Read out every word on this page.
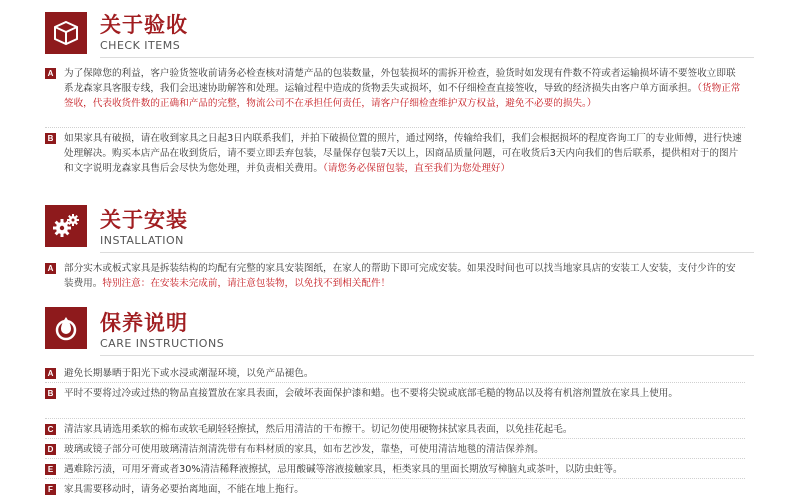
关于验收
CHECK ITEMS
A 为了保障您的利益，客户验货签收前请务必检查核对清楚产品的包装数量，外包装损坏的需拆开检查，验货时如发现有件数不符或者运输损坏请不要签收立即联系龙森家具客服专线，我们会迅速协助解答和处理。运输过程中造成的货物丢失或损坏，如不仔细检查直接签收，导致的经济损失由客户单方面承担。（货物正常签收，代表收货件数的正确和产品的完整，物流公司不在承担任何责任，请客户仔细检查维护双方权益，避免不必要的损失。）
B 如果家具有破损，请在收到家具之日起3日内联系我们，并拍下破损位置的照片，通过网络，传输给我们，我们会根据损坏的程度咨询工厂的专业师傅，进行快速处理解决。购买本店产品在收到货后，请不要立即丢弃包装，尽量保存包装7天以上，因商品质量问题，可在收货后3天内向我们的售后联系，提供相对于的图片和文字说明龙森家具售后会尽快为您处理，并负责相关费用。（请您务必保留包装，直至我们为您处理好）
关于安装
INSTALLATION
A 部分实木或板式家具是拆装结构的均配有完整的家具安装图纸，在家人的帮助下即可完成安装。如果没时间也可以找当地家具店的安装工人安装，支付少许的安装费用。特别注意：在安装未完成前，请注意包装物，以免找不到相关配件！
保养说明
CARE INSTRUCTIONS
A 避免长期暴晒于阳光下或水浸或潮湿环境，以免产品褪色。
B 平时不要将过冷或过热的物品直接置放在家具表面，会破坏表面保护漆和蜡。也不要将尖锐或底部毛糙的物品以及将有机溶剂置放在家具上使用。
C 清洁家具请选用柔软的棉布或软毛刷轻轻擦拭，然后用清洁的干布擦干。切记勿使用硬物抹拭家具表面，以免挂花起毛。
D 玻璃或镜子部分可使用玻璃清洁剂清洗带有布料材质的家具，如布艺沙发，靠垫，可使用清洁地毯的清洁保养剂。
E 遇难除污渍，可用牙膏或者30%清洁稀释液擦拭，忌用酸碱等溶液接触家具，柜类家具的里面长期放写樟脑丸或茶叶，以防虫蛀等。
F	家具需要移动时，请务必要抬离地面，不能在地上拖行。
